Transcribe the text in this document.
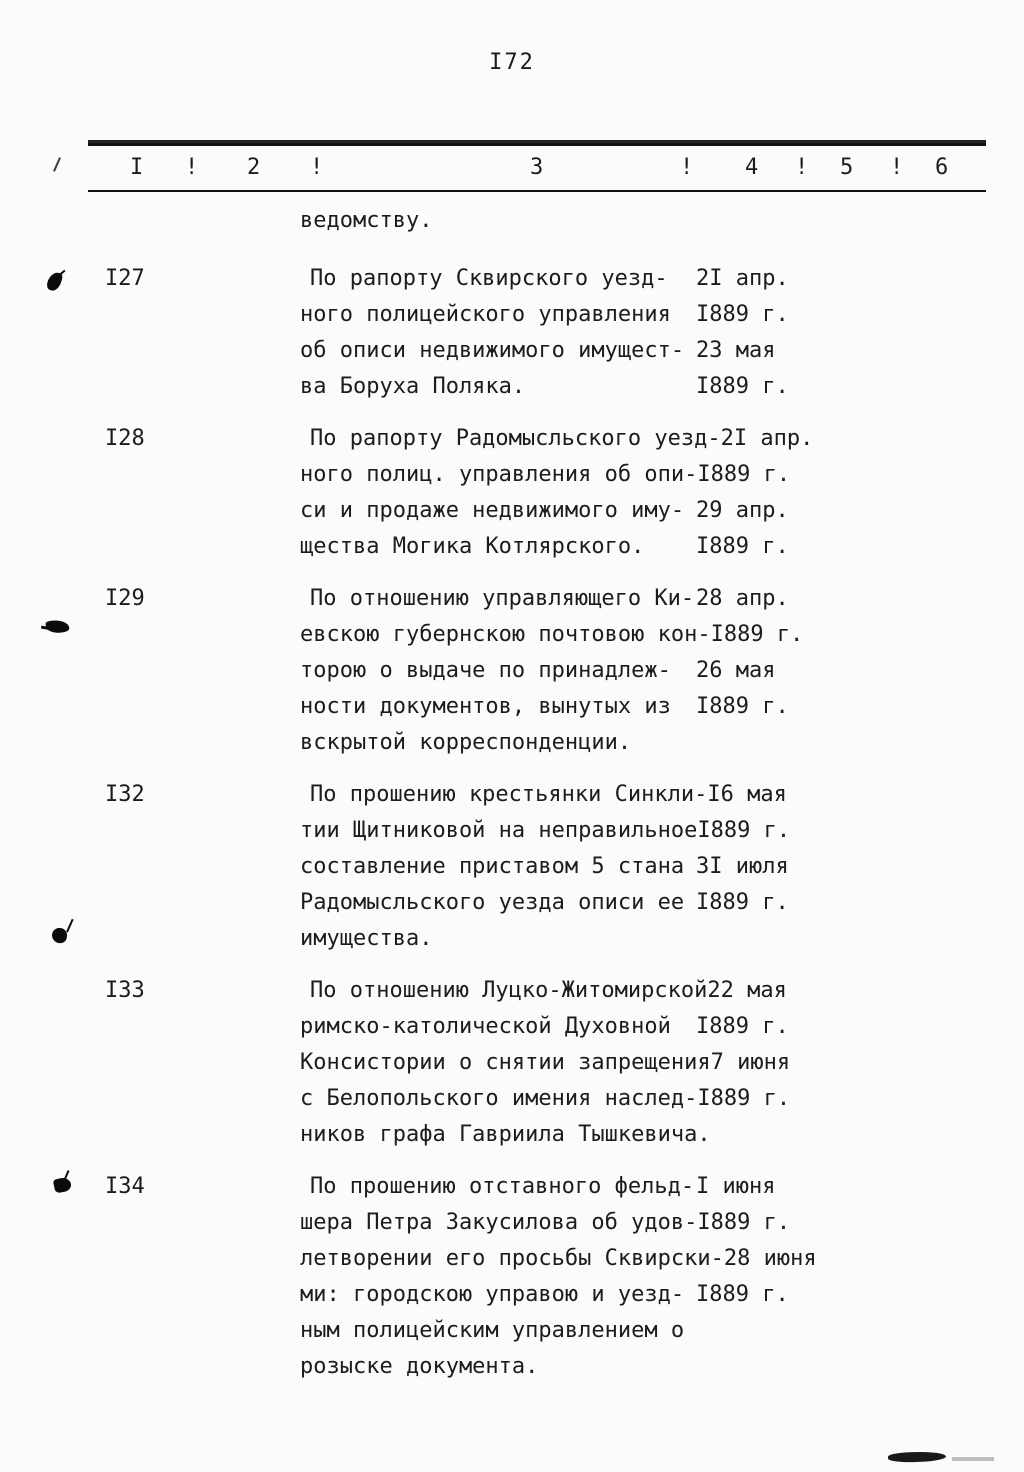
I72
I ! 2 !	3	! 4 ! 5 ! 6
ведомству.
I27	По рапорту Сквирского уезд-	2I апр.
ного полицейского управления	I889 г.
об описи недвижимого имущест- 23 мая
ва Боруха Поляка.	I889 г.
I28	По рапорту Радомысльского уезд- 2I апр.
ного полиц. управления об опи- I889 г.
си и продаже недвижимого иму- 29 апр.
щества Могика Котлярского.	I889 г.
I29	По отношению управляющего Ки- 28 апр.
евскою губернскою почтовою кон- I889 г.
торою о выдаче по принадлеж-	26 мая
ности документов, вынутых из	I889 г.
вскрытой корреспонденции.
I32	По прошению крестьянки Синкли- I6 мая
тии Щитниковой на неправильное I889 г.
составление приставом 5 стана 3I июля
Радомысльского уезда описи ее I889 г.
имущества.
I33	По отношению Луцко-Житомирской 22 мая
римско-католической Духовной	I889 г.
Консистории о снятии запрещения 7 июня
с Белопольского имения наслед- I889 г.
ников графа Гавриила Тышкевича.
I34	По прошению отставного фельд- I июня
шера Петра Закусилова об удов- I889 г.
летворении его просьбы Сквирски- 28 июня
ми: городскою управою и уезд- I889 г.
ным полицейским управлением о
розыске документа.
